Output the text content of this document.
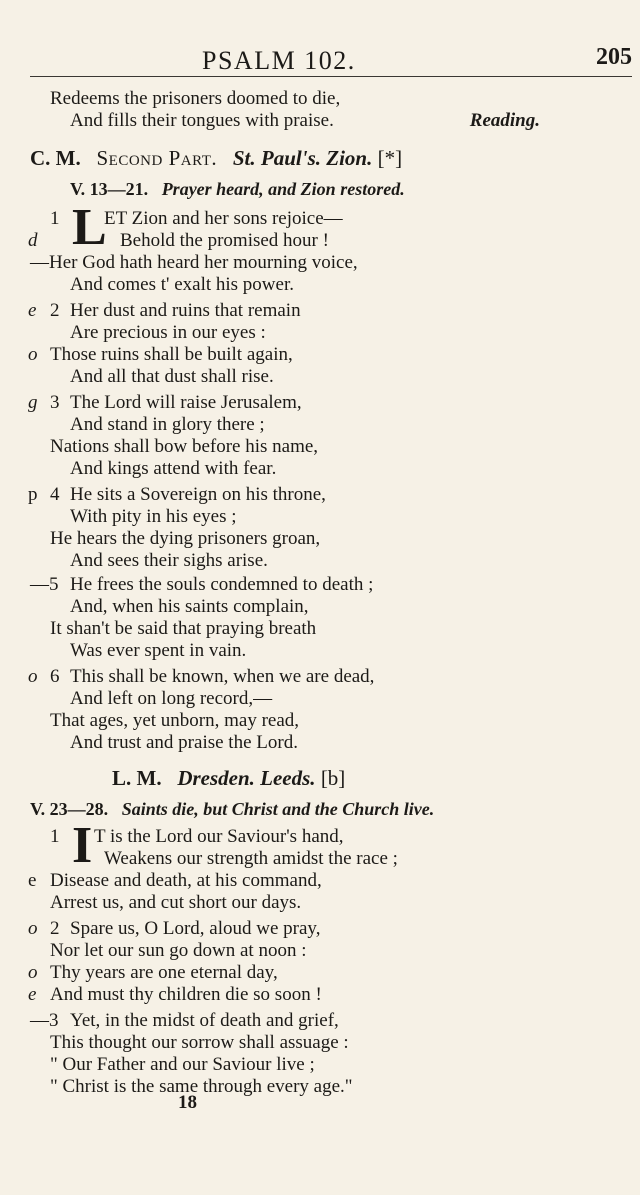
PSALM 102.	205
Redeems the prisoners doomed to die,
And fills their tongues with praise.	Reading.
C. M. Second Part. St. Paul's. Zion. [*]
V. 13—21. Prayer heard, and Zion restored.
1 L
d
ET Zion and her sons rejoice—
Behold the promised hour !
—Her God hath heard her mourning voice,
And comes t' exalt his power.
e 2 Her dust and ruins that remain
Are precious in our eyes :
o Those ruins shall be built again,
And all that dust shall rise.
g 3 The Lord will raise Jerusalem,
And stand in glory there ;
Nations shall bow before his name,
And kings attend with fear.
p 4 He sits a Sovereign on his throne,
With pity in his eyes ;
He hears the dying prisoners groan,
And sees their sighs arise.
—5 He frees the souls condemned to death ;
And, when his saints complain,
It shan't be said that praying breath
Was ever spent in vain.
o 6 This shall be known, when we are dead,
And left on long record,—
That ages, yet unborn, may read,
And trust and praise the Lord.
L. M. Dresden. Leeds. [b]
V. 23—28. Saints die, but Christ and the Church live.
1 I T is the Lord our Saviour's hand,
Weakens our strength amidst the race ;
e Disease and death, at his command,
Arrest us, and cut short our days.
o 2 Spare us, O Lord, aloud we pray,
Nor let our sun go down at noon :
o Thy years are one eternal day,
e And must thy children die so soon !
—3 Yet, in the midst of death and grief,
This thought our sorrow shall assuage :
" Our Father and our Saviour live ;
" Christ is the same through every age."
18
